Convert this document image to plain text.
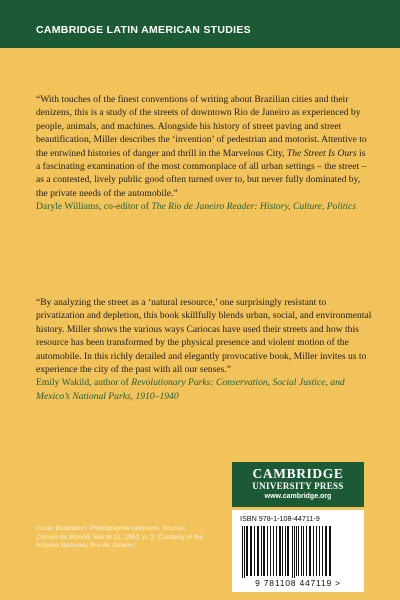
CAMBRIDGE LATIN AMERICAN STUDIES

“With touches of the finest conventions of writing about Brazilian cities and their denizens, this is a study of the streets of downtown Rio de Janeiro as experienced by people, animals, and machines. Alongside his history of street paving and street beautification, Miller describes the ‘invention’ of pedestrian and motorist. Attentive to the entwined histories of danger and thrill in the Marvelous City, The Street Is Ours is a fascinating examination of the most commonplace of all urban settings – the street – as a contested, lively public good often turned over to, but never fully dominated by, the private needs of the automobile.”

Daryle Williams, co-editor of The Rio de Janeiro Reader: History, Culture, Politics

“By analyzing the street as a ‘natural resource,’ one surprisingly resistant to privatization and depletion, this book skillfully blends urban, social, and environmental history. Miller shows the various ways Cariocas have used their streets and how this resource has been transformed by the physical presence and violent motion of the automobile. In this richly detailed and elegantly provocative book, Miller invites us to experience the city of the past with all our senses.”

Emily Wakild, author of Revolutionary Parks: Conservation, Social Justice, and Mexico’s National Parks, 1910–1940

Cover illustration: Photographer unknown. Source: Correio da Manhã, March 11, 1952, p. 3. Courtesy of the Arquivo Nacional, Rio de Janeiro.
CAMBRIDGE
UNIVERSITY PRESS
www.cambridge.org
ISBN 978-1-108-44711-9
9 781108 447119 >
